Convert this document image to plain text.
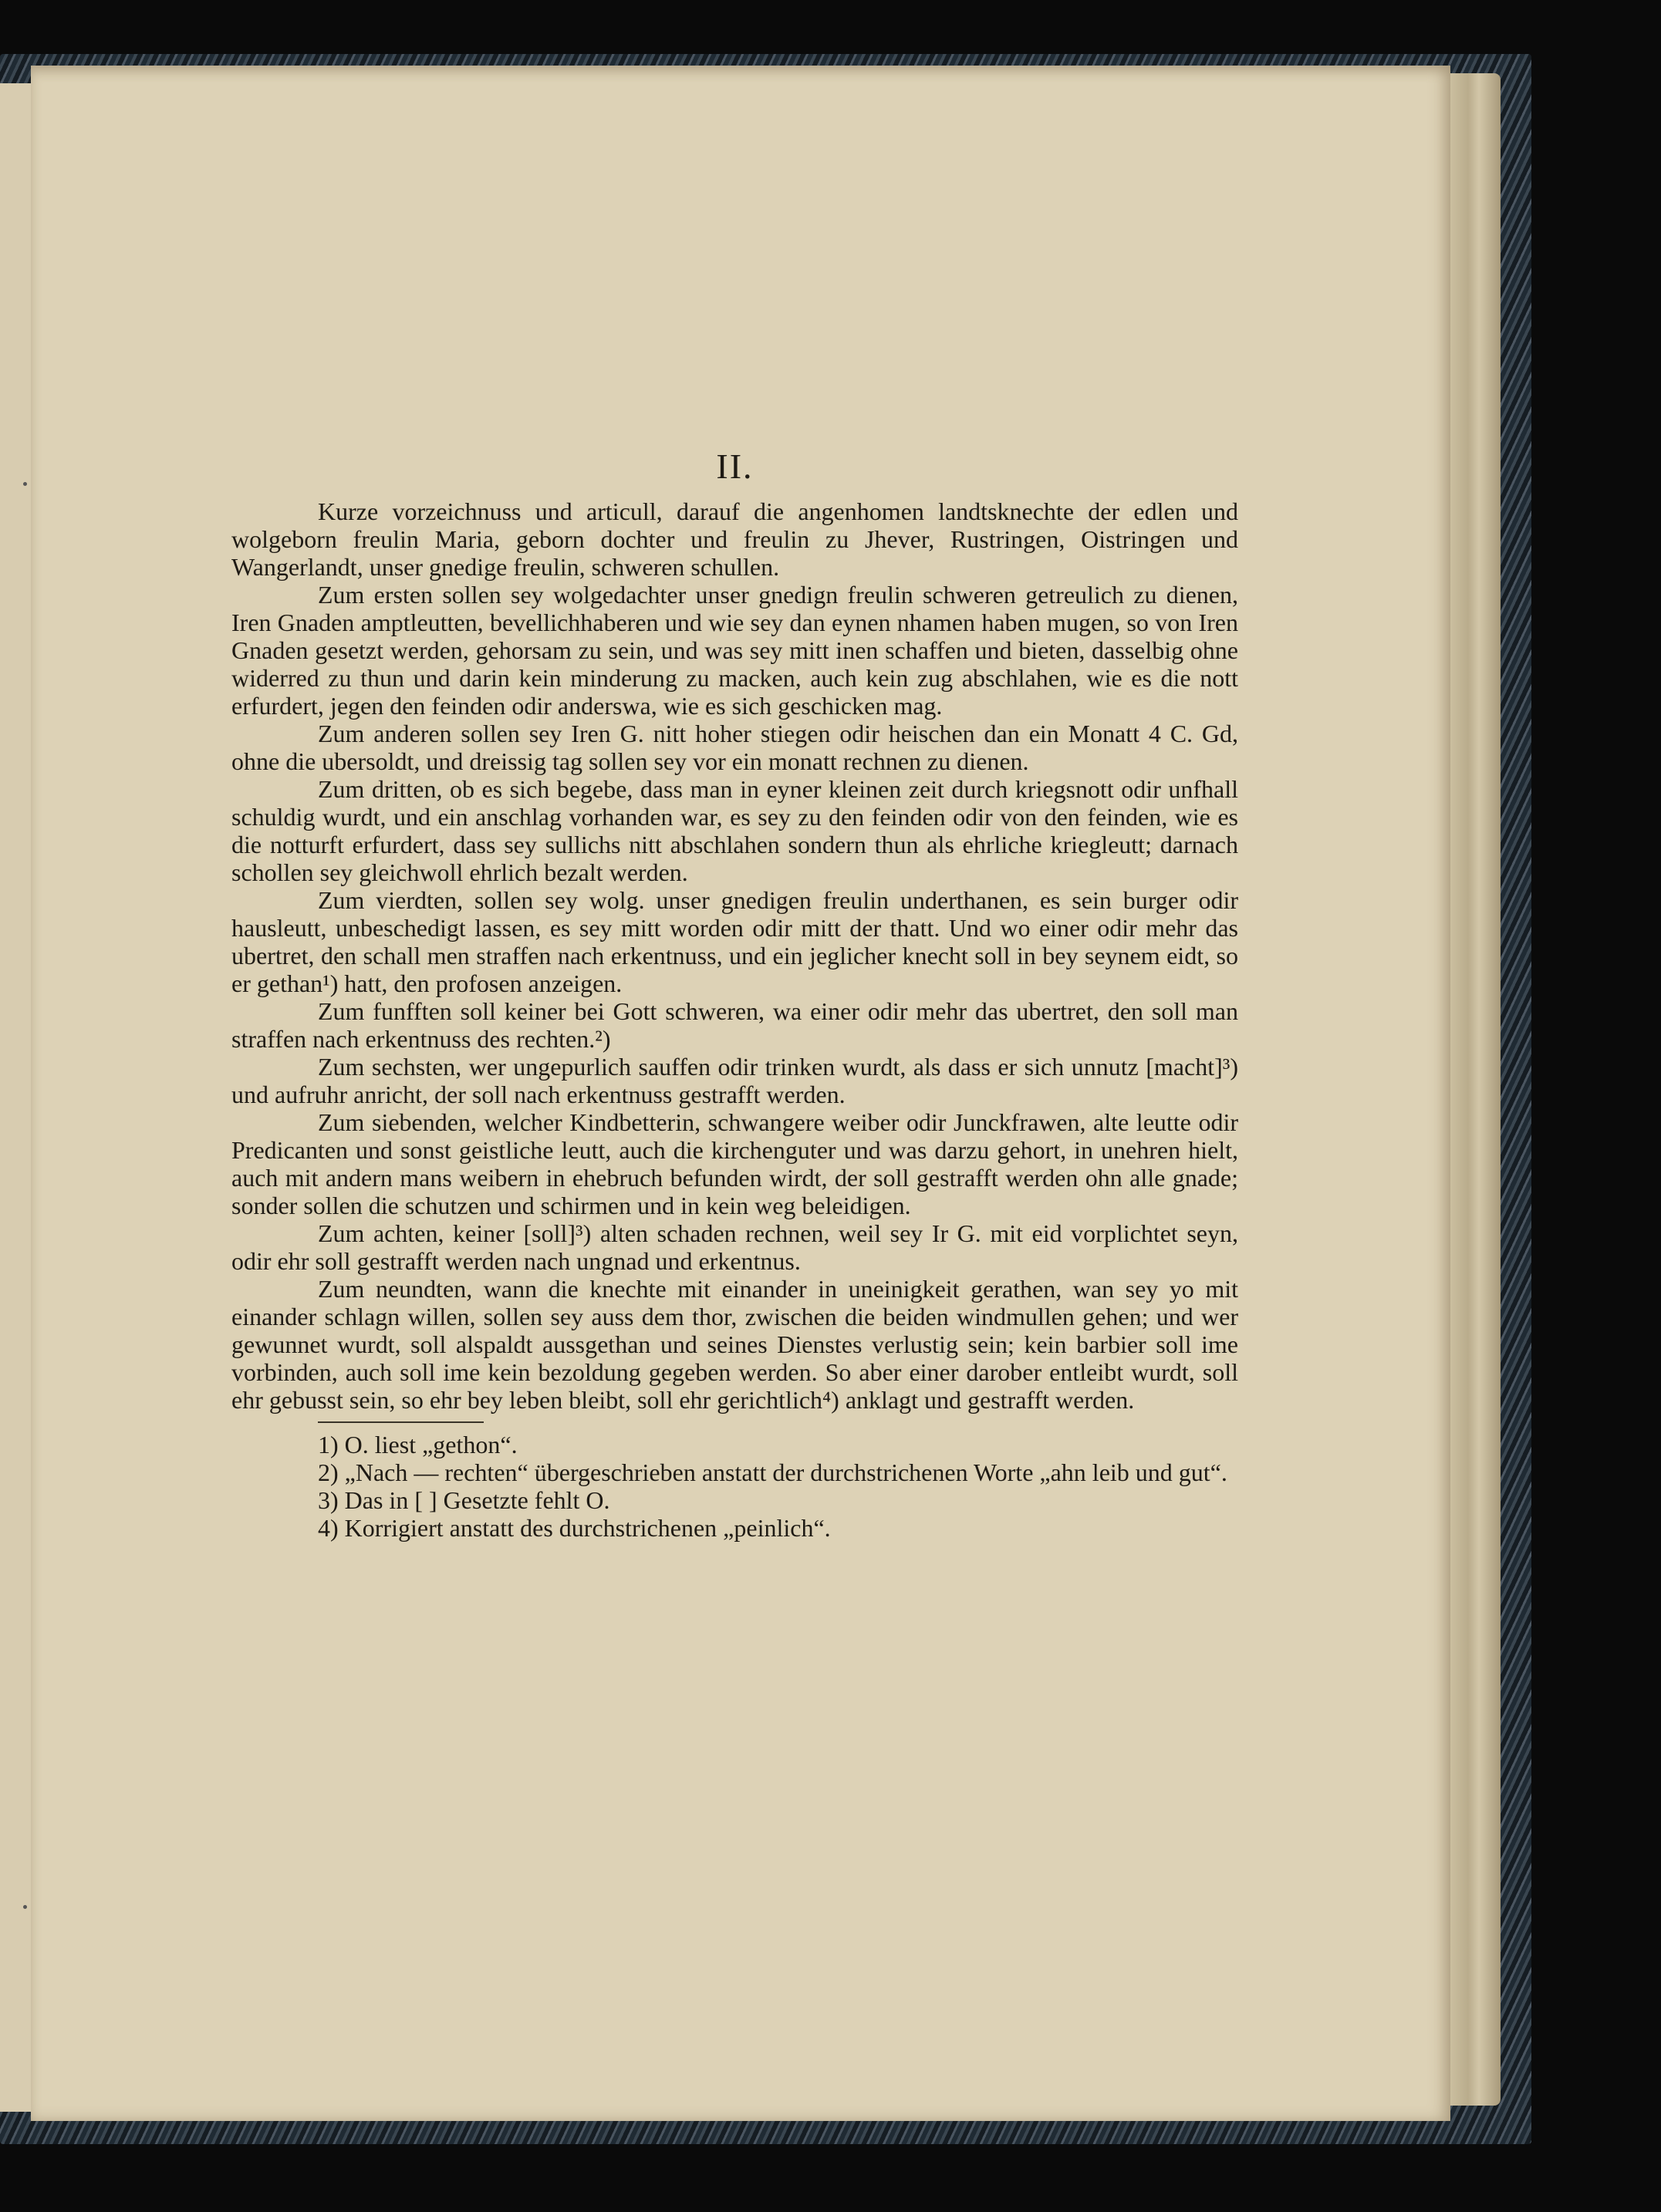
II.

Kurze vorzeichnuss und articull, darauf die angenhomen landtsknechte der edlen und wolgeborn freulin Maria, geborn dochter und freulin zu Jhever, Rustringen, Oistringen und Wangerlandt, unser gnedige freulin, schweren schullen.

Zum ersten sollen sey wolgedachter unser gnedign freulin schweren getreulich zu dienen, Iren Gnaden amptleutten, bevellichhaberen und wie sey dan eynen nhamen haben mugen, so von Iren Gnaden gesetzt werden, gehorsam zu sein, und was sey mitt inen schaffen und bieten, dasselbig ohne widerred zu thun und darin kein minderung zu macken, auch kein zug abschlahen, wie es die nott erfurdert, jegen den feinden odir anderswa, wie es sich geschicken mag.

Zum anderen sollen sey Iren G. nitt hoher stiegen odir heischen dan ein Monatt 4 C. Gd, ohne die ubersoldt, und dreissig tag sollen sey vor ein monatt rechnen zu dienen.

Zum dritten, ob es sich begebe, dass man in eyner kleinen zeit durch kriegsnott odir unfhall schuldig wurdt, und ein anschlag vorhanden war, es sey zu den feinden odir von den feinden, wie es die notturft erfurdert, dass sey sullichs nitt abschlahen sondern thun als ehrliche kriegleutt; darnach schollen sey gleichwoll ehrlich bezalt werden.

Zum vierdten, sollen sey wolg. unser gnedigen freulin underthanen, es sein burger odir hausleutt, unbeschedigt lassen, es sey mitt worden odir mitt der thatt. Und wo einer odir mehr das ubertret, den schall men straffen nach erkentnuss, und ein jeglicher knecht soll in bey seynem eidt, so er gethan¹) hatt, den profosen anzeigen.

Zum funfften soll keiner bei Gott schweren, wa einer odir mehr das ubertret, den soll man straffen nach erkentnuss des rechten.²)

Zum sechsten, wer ungepurlich sauffen odir trinken wurdt, als dass er sich unnutz [macht]³) und aufruhr anricht, der soll nach erkentnuss gestrafft werden.

Zum siebenden, welcher Kindbetterin, schwangere weiber odir Junckfrawen, alte leutte odir Predicanten und sonst geistliche leutt, auch die kirchenguter und was darzu gehort, in unehren hielt, auch mit andern mans weibern in ehebruch befunden wirdt, der soll gestrafft werden ohn alle gnade; sonder sollen die schutzen und schirmen und in kein weg beleidigen.

Zum achten, keiner [soll]³) alten schaden rechnen, weil sey Ir G. mit eid vorplichtet seyn, odir ehr soll gestrafft werden nach ungnad und erkentnus.

Zum neundten, wann die knechte mit einander in uneinigkeit gerathen, wan sey yo mit einander schlagn willen, sollen sey auss dem thor, zwischen die beiden windmullen gehen; und wer gewunnet wurdt, soll alspaldt aussgethan und seines Dienstes verlustig sein; kein barbier soll ime vorbinden, auch soll ime kein bezoldung gegeben werden. So aber einer darober entleibt wurdt, soll ehr gebusst sein, so ehr bey leben bleibt, soll ehr gerichtlich⁴) anklagt und gestrafft werden.

1) O. liest „gethon“.

2) „Nach — rechten“ übergeschrieben anstatt der durchstrichenen Worte „ahn leib und gut“.

3) Das in [ ] Gesetzte fehlt O.

4) Korrigiert anstatt des durchstrichenen „peinlich“.
